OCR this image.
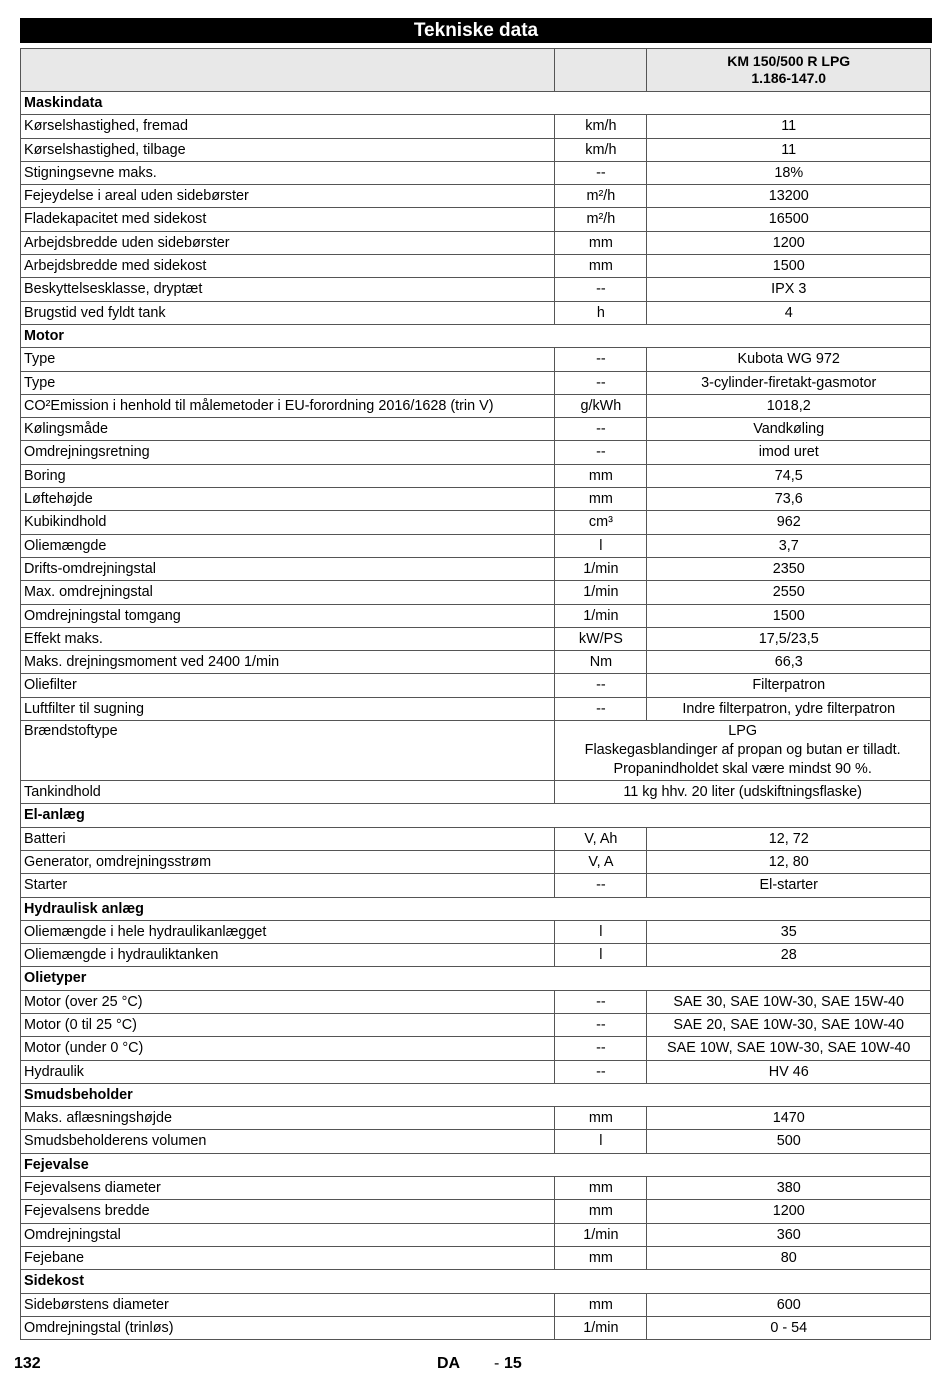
Tekniske data

		KM 150/500 R LPG
1.186-147.0

Maskindata		
Kørselshastighed, fremad	km/h	11
Kørselshastighed, tilbage	km/h	11
Stigningsevne maks.	--	18%
Fejeydelse i areal uden sidebørster	m²/h	13200
Fladekapacitet med sidekost	m²/h	16500
Arbejdsbredde uden sidebørster	mm	1200
Arbejdsbredde med sidekost	mm	1500
Beskyttelsesklasse, dryptæt	--	IPX 3
Brugstid ved fyldt tank	h	4
Motor		
Type	--	Kubota WG 972
Type	--	3-cylinder-firetakt-gasmotor
CO²Emission i henhold til målemetoder i EU-forordning 2016/1628 (trin V)	g/kWh	1018,2
Kølingsmåde	--	Vandkøling
Omdrejningsretning	--	imod uret
Boring	mm	74,5
Løftehøjde	mm	73,6
Kubikindhold	cm³	962
Oliemængde	l	3,7
Drifts-omdrejningstal	1/min	2350
Max. omdrejningstal	1/min	2550
Omdrejningstal tomgang	1/min	1500
Effekt maks.	kW/PS	17,5/23,5
Maks. drejningsmoment ved 2400 1/min	Nm	66,3
Oliefilter	--	Filterpatron
Luftfilter til sugning	--	Indre filterpatron, ydre filterpatron
Brændstoftype	LPG
Flaskegasblandinger af propan og butan er tilladt.
Propanindholdet skal være mindst 90 %.	

Tankindhold	11 kg hhv. 20 liter (udskiftningsflaske)	
El-anlæg		
Batteri	V, Ah	12, 72
Generator, omdrejningsstrøm	V, A	12, 80
Starter	--	El-starter
Hydraulisk anlæg		
Oliemængde i hele hydraulikanlægget	l	35
Oliemængde i hydrauliktanken	l	28
Olietyper		
Motor (over 25 °C)	--	SAE 30, SAE 10W-30, SAE 15W-40
Motor (0 til 25 °C)	--	SAE 20, SAE 10W-30, SAE 10W-40
Motor (under 0 °C)	--	SAE 10W, SAE 10W-30, SAE 10W-40
Hydraulik	--	HV 46
Smudsbeholder		
Maks. aflæsningshøjde	mm	1470
Smudsbeholderens volumen	l	500
Fejevalse		
Fejevalsens diameter	mm	380
Fejevalsens bredde	mm	1200
Omdrejningstal	1/min	360
Fejebane	mm	80
Sidekost		
Sidebørstens diameter	mm	600
Omdrejningstal (trinløs)	1/min	0 - 54
132	DA - 15
